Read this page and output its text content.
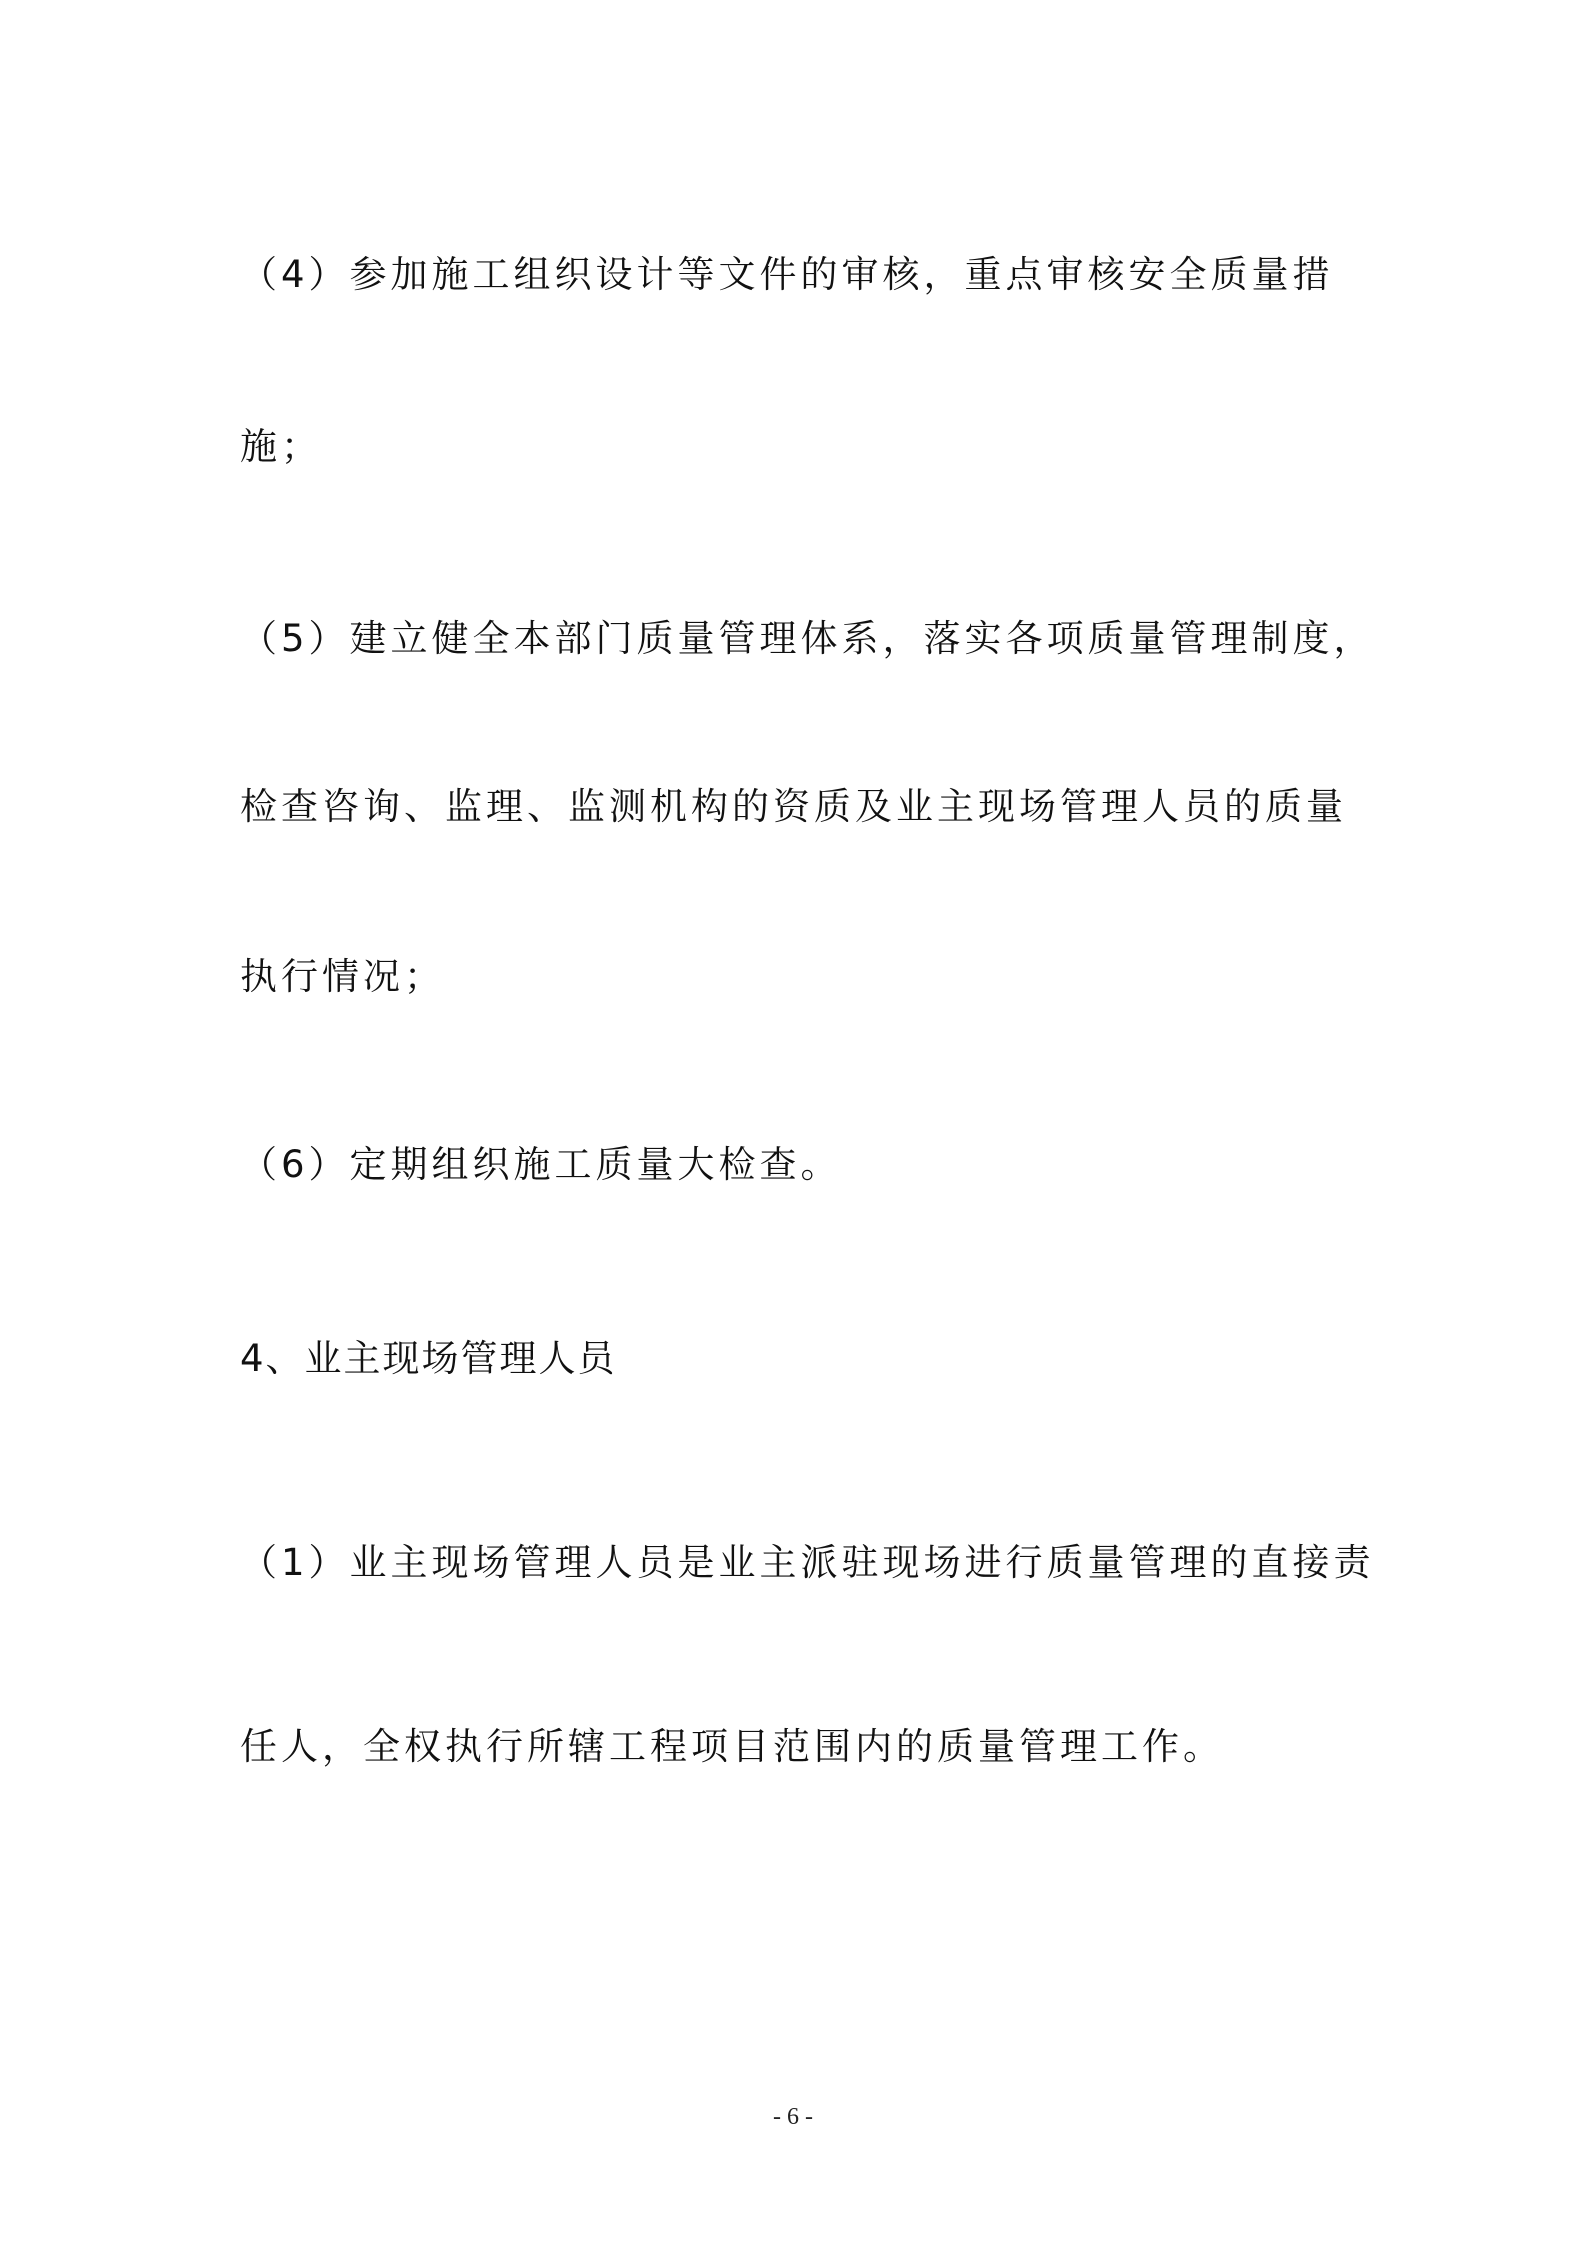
（4）参加施工组织设计等文件的审核，重点审核安全质量措
施；
（5）建立健全本部门质量管理体系，落实各项质量管理制度，
检查咨询、监理、监测机构的资质及业主现场管理人员的质量
执行情况；
（6）定期组织施工质量大检查。
4、业主现场管理人员
（1）业主现场管理人员是业主派驻现场进行质量管理的直接责
任人，全权执行所辖工程项目范围内的质量管理工作。
- 6 -
